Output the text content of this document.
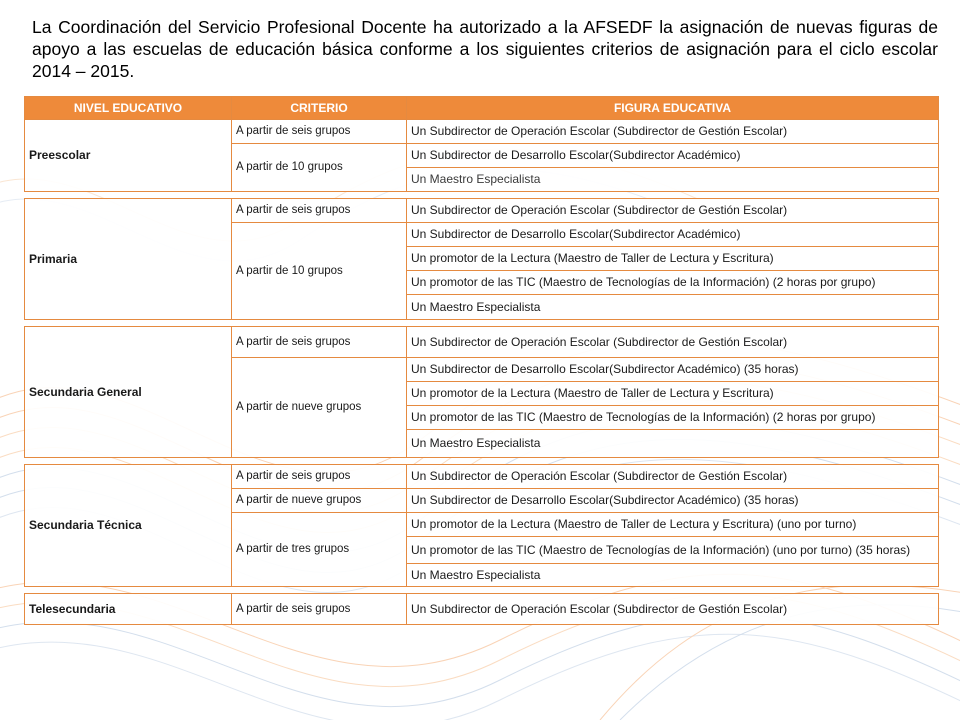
La Coordinación del Servicio Profesional Docente ha autorizado a la AFSEDF la asignación de nuevas figuras de apoyo a las escuelas de educación básica conforme a los siguientes criterios de asignación para el ciclo escolar 2014 – 2015.

NIVEL EDUCATIVO	CRITERIO	FIGURA EDUCATIVA
Preescolar	A partir de seis grupos	Un Subdirector de Operación Escolar (Subdirector de Gestión Escolar)
	A partir de 10 grupos	Un Subdirector de Desarrollo Escolar(Subdirector Académico)
		Un Maestro Especialista

Primaria	A partir de seis grupos	Un Subdirector de Operación Escolar (Subdirector de Gestión Escolar)
	A partir de 10 grupos	Un Subdirector de Desarrollo Escolar(Subdirector Académico)
		Un promotor de la Lectura (Maestro de Taller de Lectura y Escritura)
		Un promotor de las TIC (Maestro de Tecnologías de la Información) (2 horas por grupo)
		Un Maestro Especialista

Secundaria General	A partir de seis grupos	Un Subdirector de Operación Escolar (Subdirector de Gestión Escolar)
	A partir de nueve grupos	Un Subdirector de Desarrollo Escolar(Subdirector Académico) (35 horas)
		Un promotor de la Lectura (Maestro de Taller de Lectura y Escritura)
		Un promotor de las TIC (Maestro de Tecnologías de la Información) (2 horas por grupo)
		Un Maestro Especialista

Secundaria Técnica	A partir de seis grupos	Un Subdirector de Operación Escolar (Subdirector de Gestión Escolar)
	A partir de nueve grupos	Un Subdirector de Desarrollo Escolar(Subdirector Académico) (35 horas)
	A partir de tres grupos	Un promotor de la Lectura (Maestro de Taller de Lectura y Escritura) (uno por turno)
		Un promotor de las TIC (Maestro de Tecnologías de la Información) (uno por turno) (35 horas)
		Un Maestro Especialista

Telesecundaria	A partir de seis grupos	Un Subdirector de Operación Escolar (Subdirector de Gestión Escolar)
